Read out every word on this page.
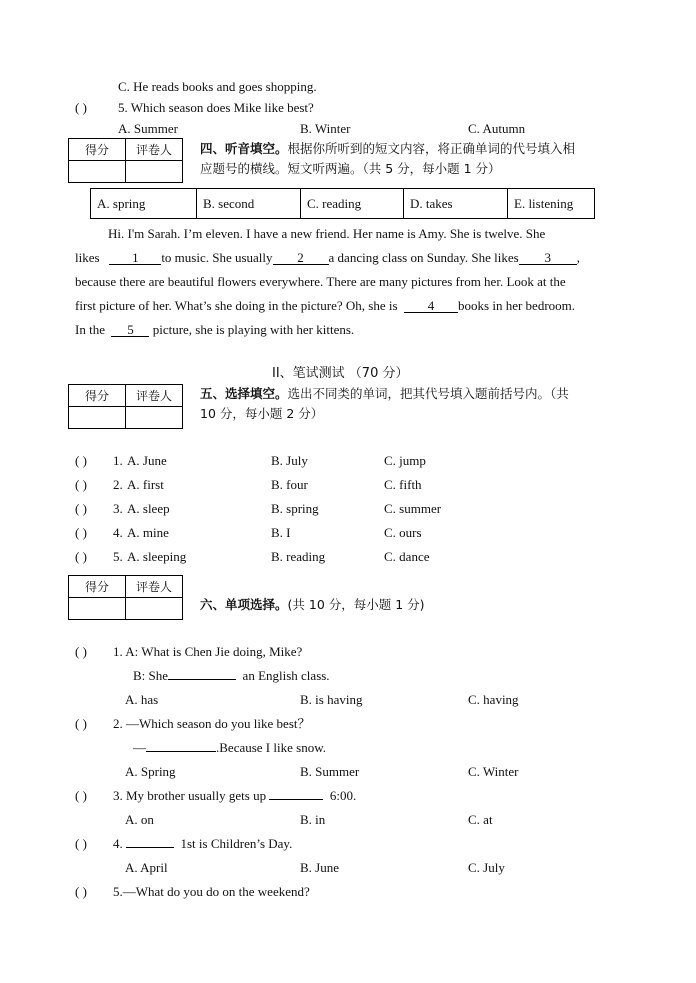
C. He reads books and goes shopping.
( ) 5. Which season does Mike like best?
A. Summer	B. Winter	C. Autumn
得分	评卷人
	四、听音填空。根据你所听到的短文内容，将正确单词的代号填入相
应题号的横线。短文听两遍。（共 5 分，每小题 1 分）
A. spring	B. second	C. reading	D. takes	E. listening
Hi. I'm Sarah. I’m eleven. I have a new friend. Her name is Amy. She is twelve. She
likes	1 to music. She usually 2 a dancing class on Sunday. She likes 3 ,
because there are beautiful flowers everywhere. There are many pictures from her. Look at the
first picture of her. What’s she doing in the picture? Oh, she is 4 books in her bedroom.
In the 5 picture, she is playing with her kittens.
II、笔试测试 （70 分）
得分	评卷人
	五、选择填空。选出不同类的单词，把其代号填入题前括号内。（共
10 分，每小题 2 分）
( ) 1. A. June	B. July	C. jump
( ) 2. A. first	B. four	C. fifth
( ) 3. A. sleep	B. spring	C. summer
( ) 4. A. mine	B. I	C. ours
( ) 5. A. sleeping	B. reading	C. dance
得分	评卷人

六、单项选择。(共 10 分，每小题 1 分)
( ) 1. A: What is Chen Jie doing, Mike?
B: She	an English class.
A. has	B. is having	C. having
( ) 2. —Which season do you like best？
—	.Because I like snow.
A. Spring	B. Summer	C. Winter
( ) 3. My brother usually gets up	6:00.
A. on	B. in	C. at
( ) 4.	1st is Children’s Day.
A. April	B. June	C. July
( ) 5.—What do you do on the weekend?
